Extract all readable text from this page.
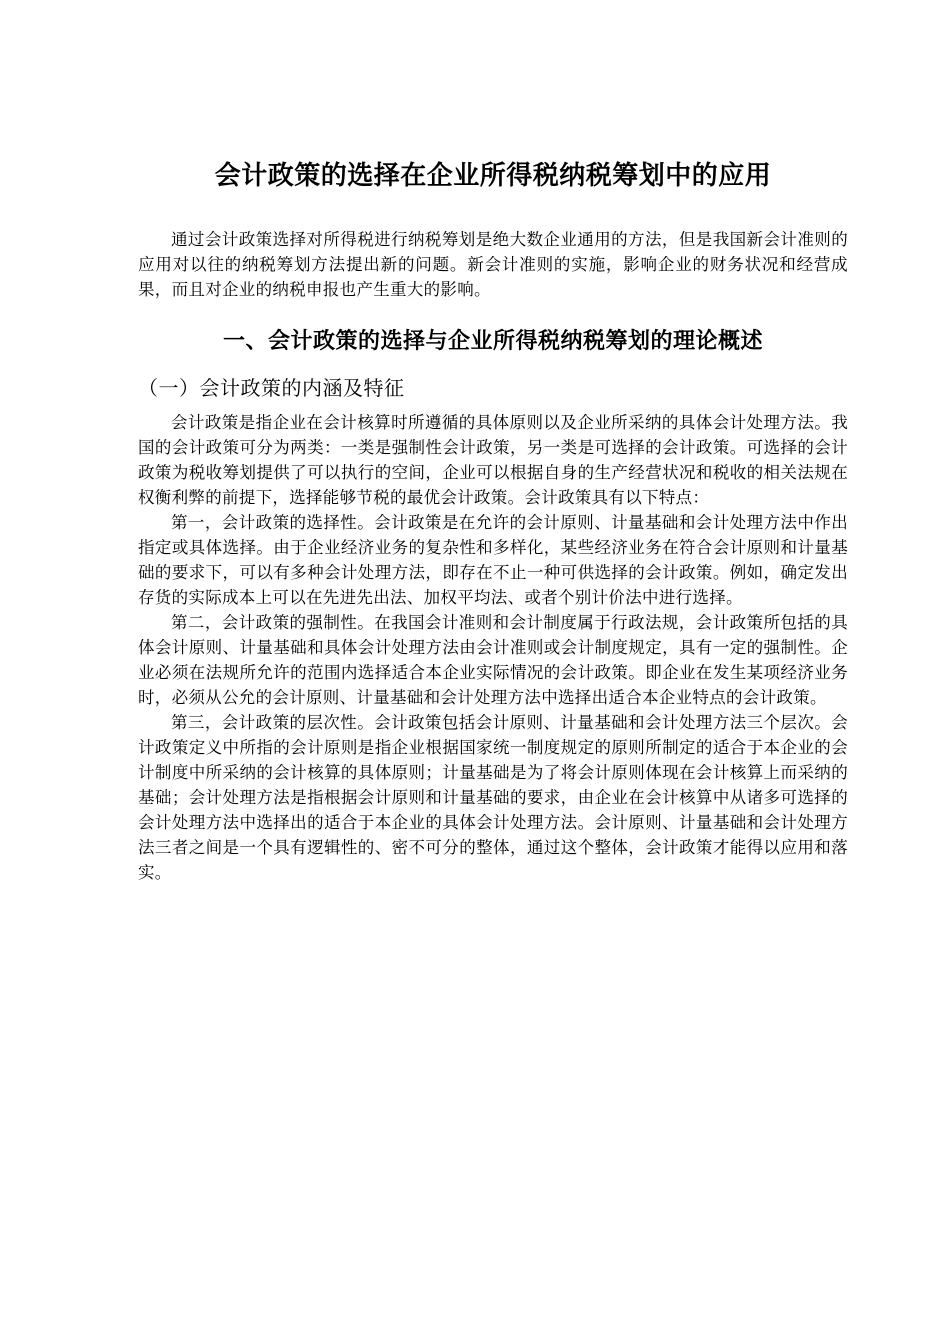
会计政策的选择在企业所得税纳税筹划中的应用

通过会计政策选择对所得税进行纳税筹划是绝大数企业通用的方法，但是我国新会计准则的应用对以往的纳税筹划方法提出新的问题。新会计准则的实施，影响企业的财务状况和经营成果，而且对企业的纳税申报也产生重大的影响。

一、会计政策的选择与企业所得税纳税筹划的理论概述
（一）会计政策的内涵及特征

会计政策是指企业在会计核算时所遵循的具体原则以及企业所采纳的具体会计处理方法。我国的会计政策可分为两类：一类是强制性会计政策，另一类是可选择的会计政策。可选择的会计政策为税收筹划提供了可以执行的空间，企业可以根据自身的生产经营状况和税收的相关法规在权衡利弊的前提下，选择能够节税的最优会计政策。会计政策具有以下特点：

第一，会计政策的选择性。会计政策是在允许的会计原则、计量基础和会计处理方法中作出指定或具体选择。由于企业经济业务的复杂性和多样化，某些经济业务在符合会计原则和计量基础的要求下，可以有多种会计处理方法，即存在不止一种可供选择的会计政策。例如，确定发出存货的实际成本上可以在先进先出法、加权平均法、或者个别计价法中进行选择。

第二，会计政策的强制性。在我国会计准则和会计制度属于行政法规，会计政策所包括的具体会计原则、计量基础和具体会计处理方法由会计准则或会计制度规定，具有一定的强制性。企业必须在法规所允许的范围内选择适合本企业实际情况的会计政策。即企业在发生某项经济业务时，必须从公允的会计原则、计量基础和会计处理方法中选择出适合本企业特点的会计政策。

第三，会计政策的层次性。会计政策包括会计原则、计量基础和会计处理方法三个层次。会计政策定义中所指的会计原则是指企业根据国家统一制度规定的原则所制定的适合于本企业的会计制度中所采纳的会计核算的具体原则；计量基础是为了将会计原则体现在会计核算上而采纳的基础；会计处理方法是指根据会计原则和计量基础的要求，由企业在会计核算中从诸多可选择的会计处理方法中选择出的适合于本企业的具体会计处理方法。会计原则、计量基础和会计处理方法三者之间是一个具有逻辑性的、密不可分的整体，通过这个整体，会计政策才能得以应用和落实。
